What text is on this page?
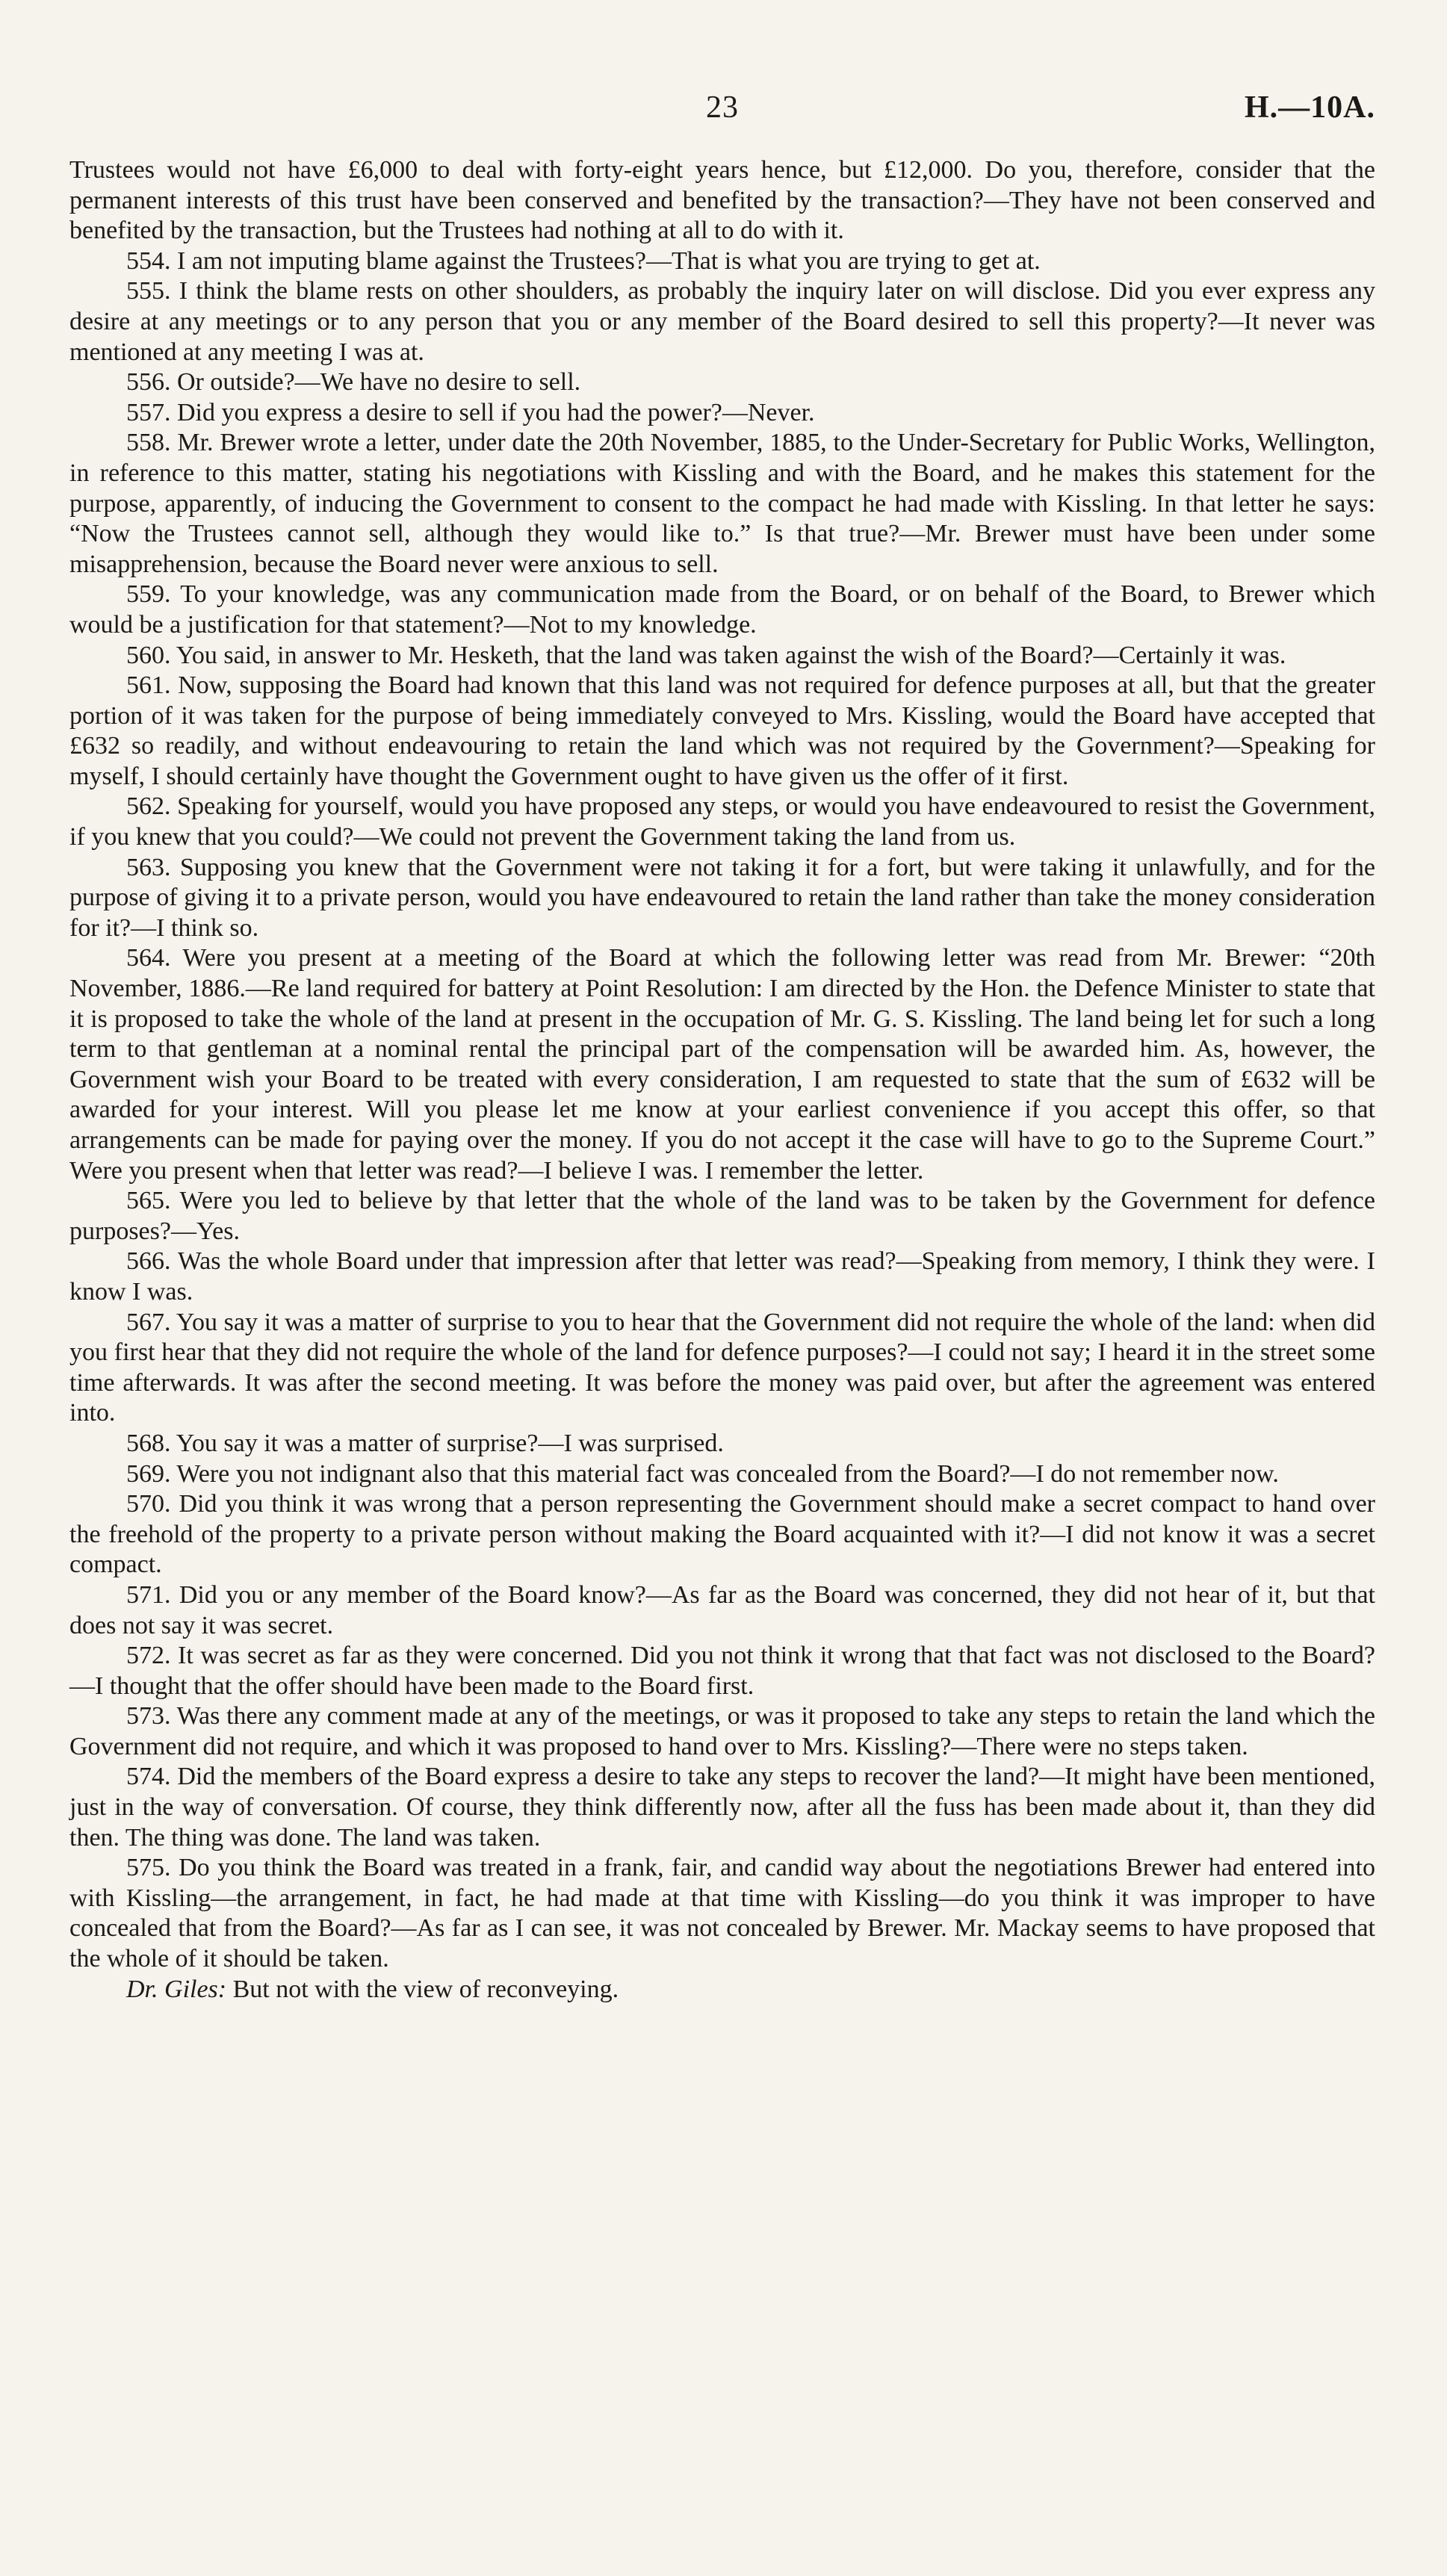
23	H.—10A.

Trustees would not have £6,000 to deal with forty-eight years hence, but £12,000. Do you, therefore, consider that the permanent interests of this trust have been conserved and benefited by the transaction?—They have not been conserved and benefited by the transaction, but the Trustees had nothing at all to do with it.

554. I am not imputing blame against the Trustees?—That is what you are trying to get at.

555. I think the blame rests on other shoulders, as probably the inquiry later on will disclose. Did you ever express any desire at any meetings or to any person that you or any member of the Board desired to sell this property?—It never was mentioned at any meeting I was at.

556. Or outside?—We have no desire to sell.

557. Did you express a desire to sell if you had the power?—Never.

558. Mr. Brewer wrote a letter, under date the 20th November, 1885, to the Under-Secretary for Public Works, Wellington, in reference to this matter, stating his negotiations with Kissling and with the Board, and he makes this statement for the purpose, apparently, of inducing the Government to consent to the compact he had made with Kissling. In that letter he says: “Now the Trustees cannot sell, although they would like to.” Is that true?—Mr. Brewer must have been under some misapprehension, because the Board never were anxious to sell.

559. To your knowledge, was any communication made from the Board, or on behalf of the Board, to Brewer which would be a justification for that statement?—Not to my knowledge.

560. You said, in answer to Mr. Hesketh, that the land was taken against the wish of the Board?—Certainly it was.

561. Now, supposing the Board had known that this land was not required for defence purposes at all, but that the greater portion of it was taken for the purpose of being immediately conveyed to Mrs. Kissling, would the Board have accepted that £632 so readily, and without endeavouring to retain the land which was not required by the Government?—Speaking for myself, I should certainly have thought the Government ought to have given us the offer of it first.

562. Speaking for yourself, would you have proposed any steps, or would you have endeavoured to resist the Government, if you knew that you could?—We could not prevent the Government taking the land from us.

563. Supposing you knew that the Government were not taking it for a fort, but were taking it unlawfully, and for the purpose of giving it to a private person, would you have endeavoured to retain the land rather than take the money consideration for it?—I think so.

564. Were you present at a meeting of the Board at which the following letter was read from Mr. Brewer: “20th November, 1886.—Re land required for battery at Point Resolution: I am directed by the Hon. the Defence Minister to state that it is proposed to take the whole of the land at present in the occupation of Mr. G. S. Kissling. The land being let for such a long term to that gentleman at a nominal rental the principal part of the compensation will be awarded him. As, however, the Government wish your Board to be treated with every consideration, I am requested to state that the sum of £632 will be awarded for your interest. Will you please let me know at your earliest convenience if you accept this offer, so that arrangements can be made for paying over the money. If you do not accept it the case will have to go to the Supreme Court.” Were you present when that letter was read?—I believe I was. I remember the letter.

565. Were you led to believe by that letter that the whole of the land was to be taken by the Government for defence purposes?—Yes.

566. Was the whole Board under that impression after that letter was read?—Speaking from memory, I think they were. I know I was.

567. You say it was a matter of surprise to you to hear that the Government did not require the whole of the land: when did you first hear that they did not require the whole of the land for defence purposes?—I could not say; I heard it in the street some time afterwards. It was after the second meeting. It was before the money was paid over, but after the agreement was entered into.

568. You say it was a matter of surprise?—I was surprised.

569. Were you not indignant also that this material fact was concealed from the Board?—I do not remember now.

570. Did you think it was wrong that a person representing the Government should make a secret compact to hand over the freehold of the property to a private person without making the Board acquainted with it?—I did not know it was a secret compact.

571. Did you or any member of the Board know?—As far as the Board was concerned, they did not hear of it, but that does not say it was secret.

572. It was secret as far as they were concerned. Did you not think it wrong that that fact was not disclosed to the Board?—I thought that the offer should have been made to the Board first.

573. Was there any comment made at any of the meetings, or was it proposed to take any steps to retain the land which the Government did not require, and which it was proposed to hand over to Mrs. Kissling?—There were no steps taken.

574. Did the members of the Board express a desire to take any steps to recover the land?—It might have been mentioned, just in the way of conversation. Of course, they think differently now, after all the fuss has been made about it, than they did then. The thing was done. The land was taken.

575. Do you think the Board was treated in a frank, fair, and candid way about the negotiations Brewer had entered into with Kissling—the arrangement, in fact, he had made at that time with Kissling—do you think it was improper to have concealed that from the Board?—As far as I can see, it was not concealed by Brewer. Mr. Mackay seems to have proposed that the whole of it should be taken.

Dr. Giles: But not with the view of reconveying.
